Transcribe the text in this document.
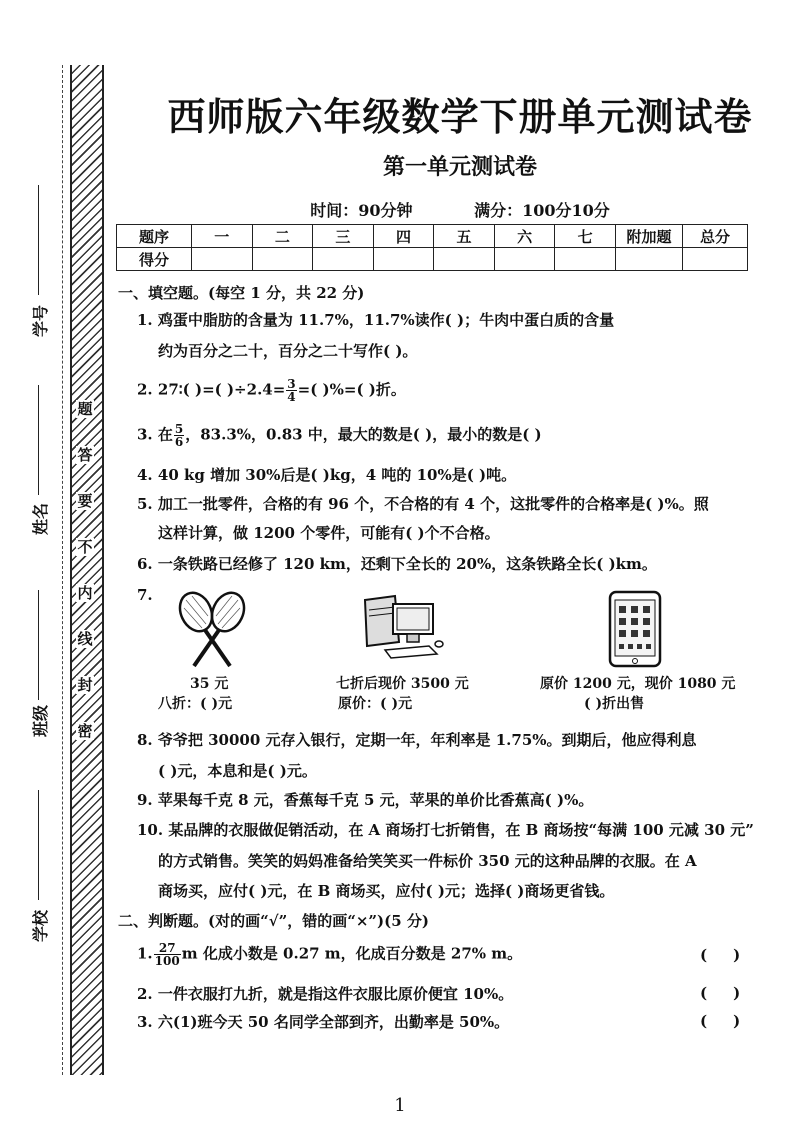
题
答
要
不
内
线
封
密
学号
姓名
班级
学校
西师版六年级数学下册单元测试卷
第一单元测试卷
时间：90分钟	满分：100分10分
题序	一	二	三	四	五	六	七	附加题	总分
得分									
一、填空题。(每空 1 分，共 22 分)
1. 鸡蛋中脂肪的含量为 11.7%，11.7%读作( )；牛肉中蛋白质的含量
约为百分之二十，百分之二十写作( )。
2. 27∶( )=( )$\div 2.4= \frac{3}{4}$ =( )%=( )折。
3. 在 $\frac{5}{6}$ ，83.3%，0.83 中，最大的数是( )，最小的数是( )
4. 40 kg 增加 30%后是( )kg，4 吨的 10%是( )吨。
5. 加工一批零件，合格的有 96 个，不合格的有 4 个，这批零件的合格率是( )%。照
这样计算，做 1200 个零件，可能有( )个不合格。
6. 一条铁路已经修了 120 km，还剩下全长的 20%，这条铁路全长( )km。
7.
35 元
八折：( )元
七折后现价 3500 元
原价：( )元
原价 1200 元，现价 1080 元
( )折出售
8. 爷爷把 30000 元存入银行，定期一年，年利率是 1.75%。到期后，他应得利息
( )元，本息和是( )元。
9. 苹果每千克 8 元，香蕉每千克 5 元，苹果的单价比香蕉高( )%。
10. 某品牌的衣服做促销活动，在 A 商场打七折销售，在 B 商场按“每满 100 元减 30 元”
的方式销售。笑笑的妈妈准备给笑笑买一件标价 350 元的这种品牌的衣服。在 A
商场买，应付( )元，在 B 商场买，应付( )元；选择( )商场更省钱。
二、判断题。(对的画“√”，错的画“×”)(5 分)
1. $\frac{27}{100}$ m 化成小数是 0.27 m，化成百分数是 27% m。	()
2. 一件衣服打九折，就是指这件衣服比原价便宜 10%。	()
3. 六(1)班今天 50 名同学全部到齐，出勤率是 50%。	()
1
